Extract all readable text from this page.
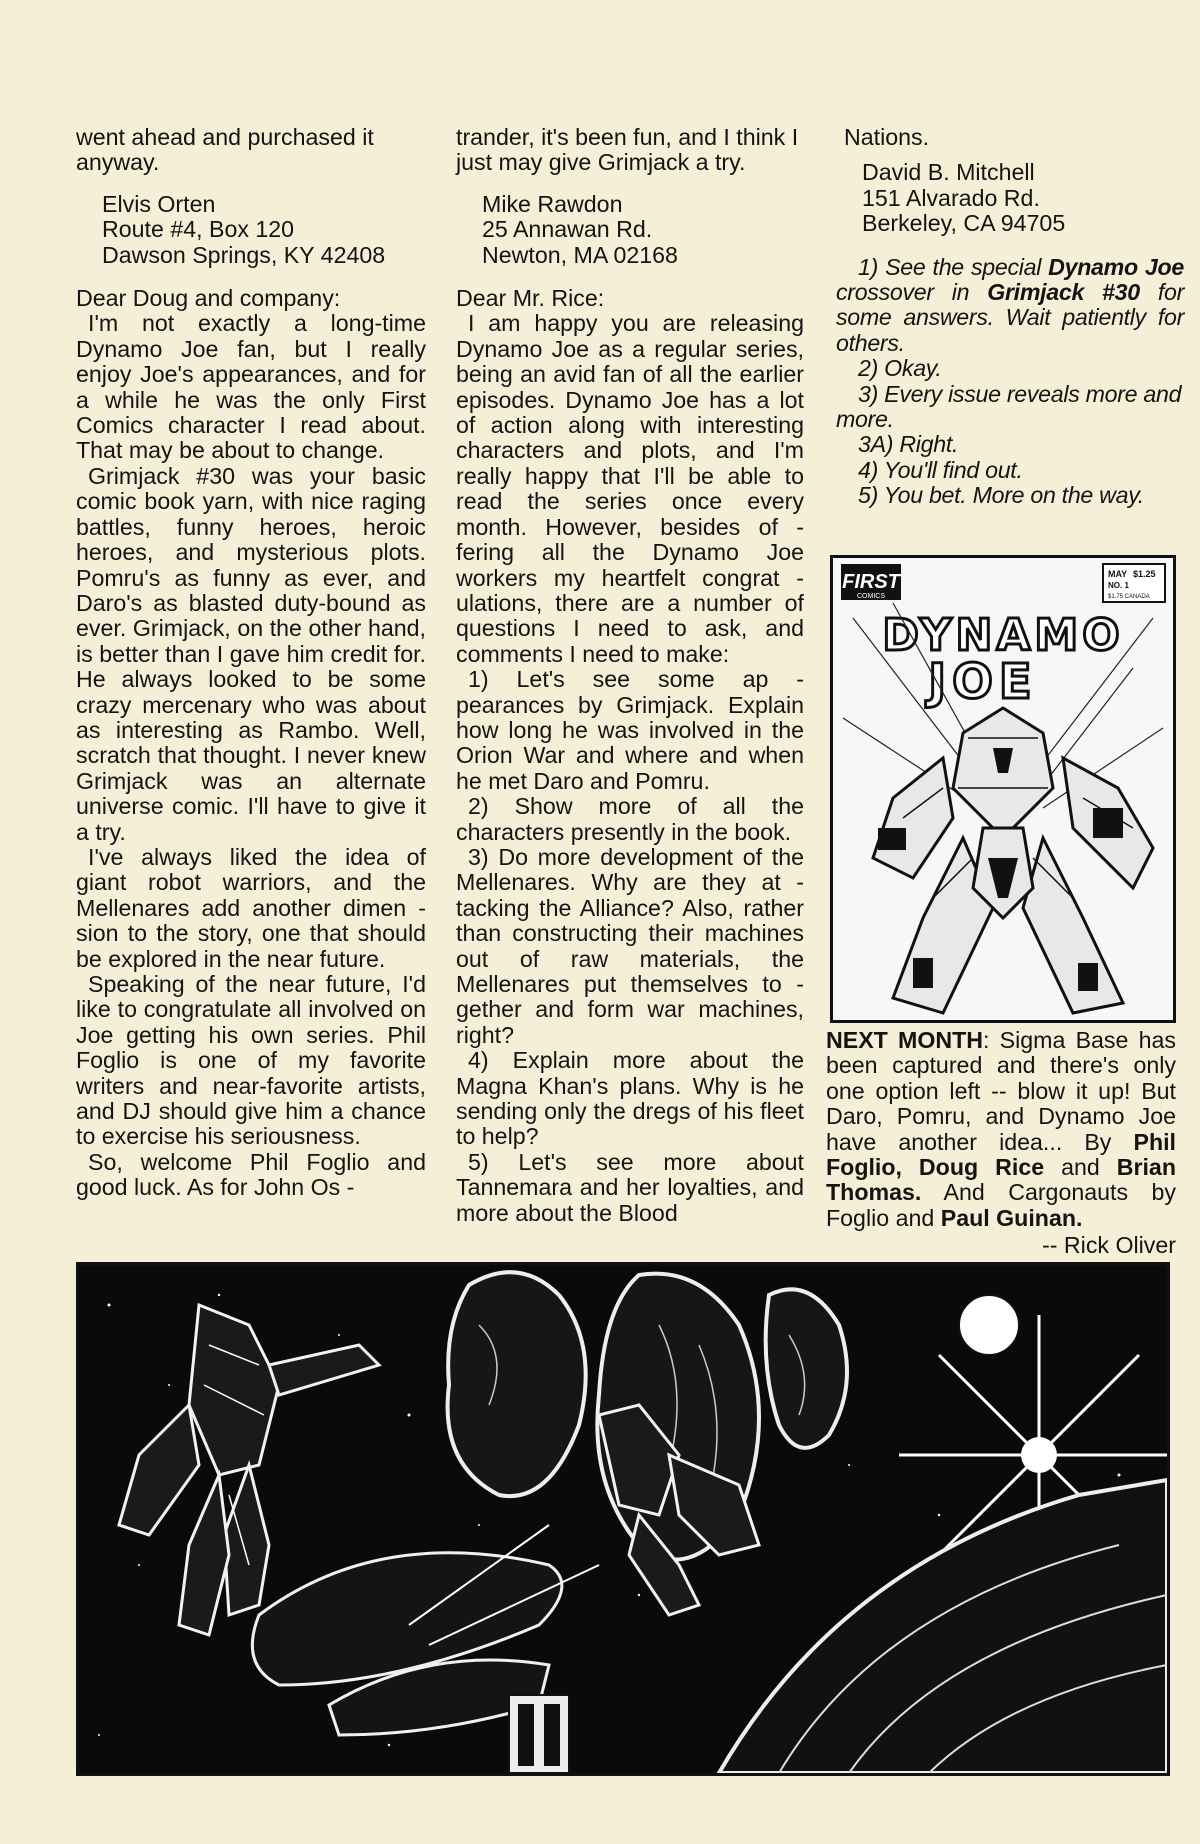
went ahead and purchased it anyway.

Elvis Orten
Route #4, Box 120
Dawson Springs, KY 42408

Dear Doug and company:

I'm not exactly a long-time Dynamo Joe fan, but I really enjoy Joe's appearances, and for a while he was the only First Comics character I read about. That may be about to change.

Grimjack #30 was your basic comic book yarn, with nice raging battles, funny heroes, heroic heroes, and mysterious plots. Pomru's as funny as ever, and Daro's as blasted duty-bound as ever. Grimjack, on the other hand, is better than I gave him credit for. He always looked to be some crazy mercenary who was about as interesting as Rambo. Well, scratch that thought. I never knew Grimjack was an alternate universe comic. I'll have to give it a try.

I've always liked the idea of giant robot warriors, and the Mellenares add another dimen - sion to the story, one that should be explored in the near future.

Speaking of the near future, I'd like to congratulate all involved on Joe getting his own series. Phil Foglio is one of my favorite writers and near-favorite artists, and DJ should give him a chance to exercise his seriousness.

So, welcome Phil Foglio and good luck. As for John Os -

trander, it's been fun, and I think I just may give Grimjack a try.

Mike Rawdon
25 Annawan Rd.
Newton, MA 02168

Dear Mr. Rice:

I am happy you are releasing Dynamo Joe as a regular series, being an avid fan of all the earlier episodes. Dynamo Joe has a lot of action along with interesting characters and plots, and I'm really happy that I'll be able to read the series once every month. However, besides of - fering all the Dynamo Joe workers my heartfelt congrat - ulations, there are a number of questions I need to ask, and comments I need to make:

1) Let's see some ap - pearances by Grimjack. Explain how long he was involved in the Orion War and where and when he met Daro and Pomru.

2) Show more of all the characters presently in the book.

3) Do more development of the Mellenares. Why are they at - tacking the Alliance? Also, rather than constructing their machines out of raw materials, the Mellenares put themselves to - gether and form war machines, right?

4) Explain more about the Magna Khan's plans. Why is he sending only the dregs of his fleet to help?

5) Let's see more about Tannemara and her loyalties, and more about the Blood

Nations.

David B. Mitchell
151 Alvarado Rd.
Berkeley, CA 94705

1) See the special Dynamo Joe crossover in Grimjack #30 for some answers. Wait patiently for others.

2) Okay.

3) Every issue reveals more and more.

3A) Right.

4) You'll find out.

5) You bet. More on the way.

FIRST
COMICS
MAY $1.25
NO. 1
$1.75 CANADA
DYNAMO
JOE

NEXT MONTH: Sigma Base has been captured and there's only one option left -- blow it up! But Daro, Pomru, and Dynamo Joe have another idea... By Phil Foglio, Doug Rice and Brian Thomas. And Cargonauts by Foglio and Paul Guinan.

-- Rick Oliver
